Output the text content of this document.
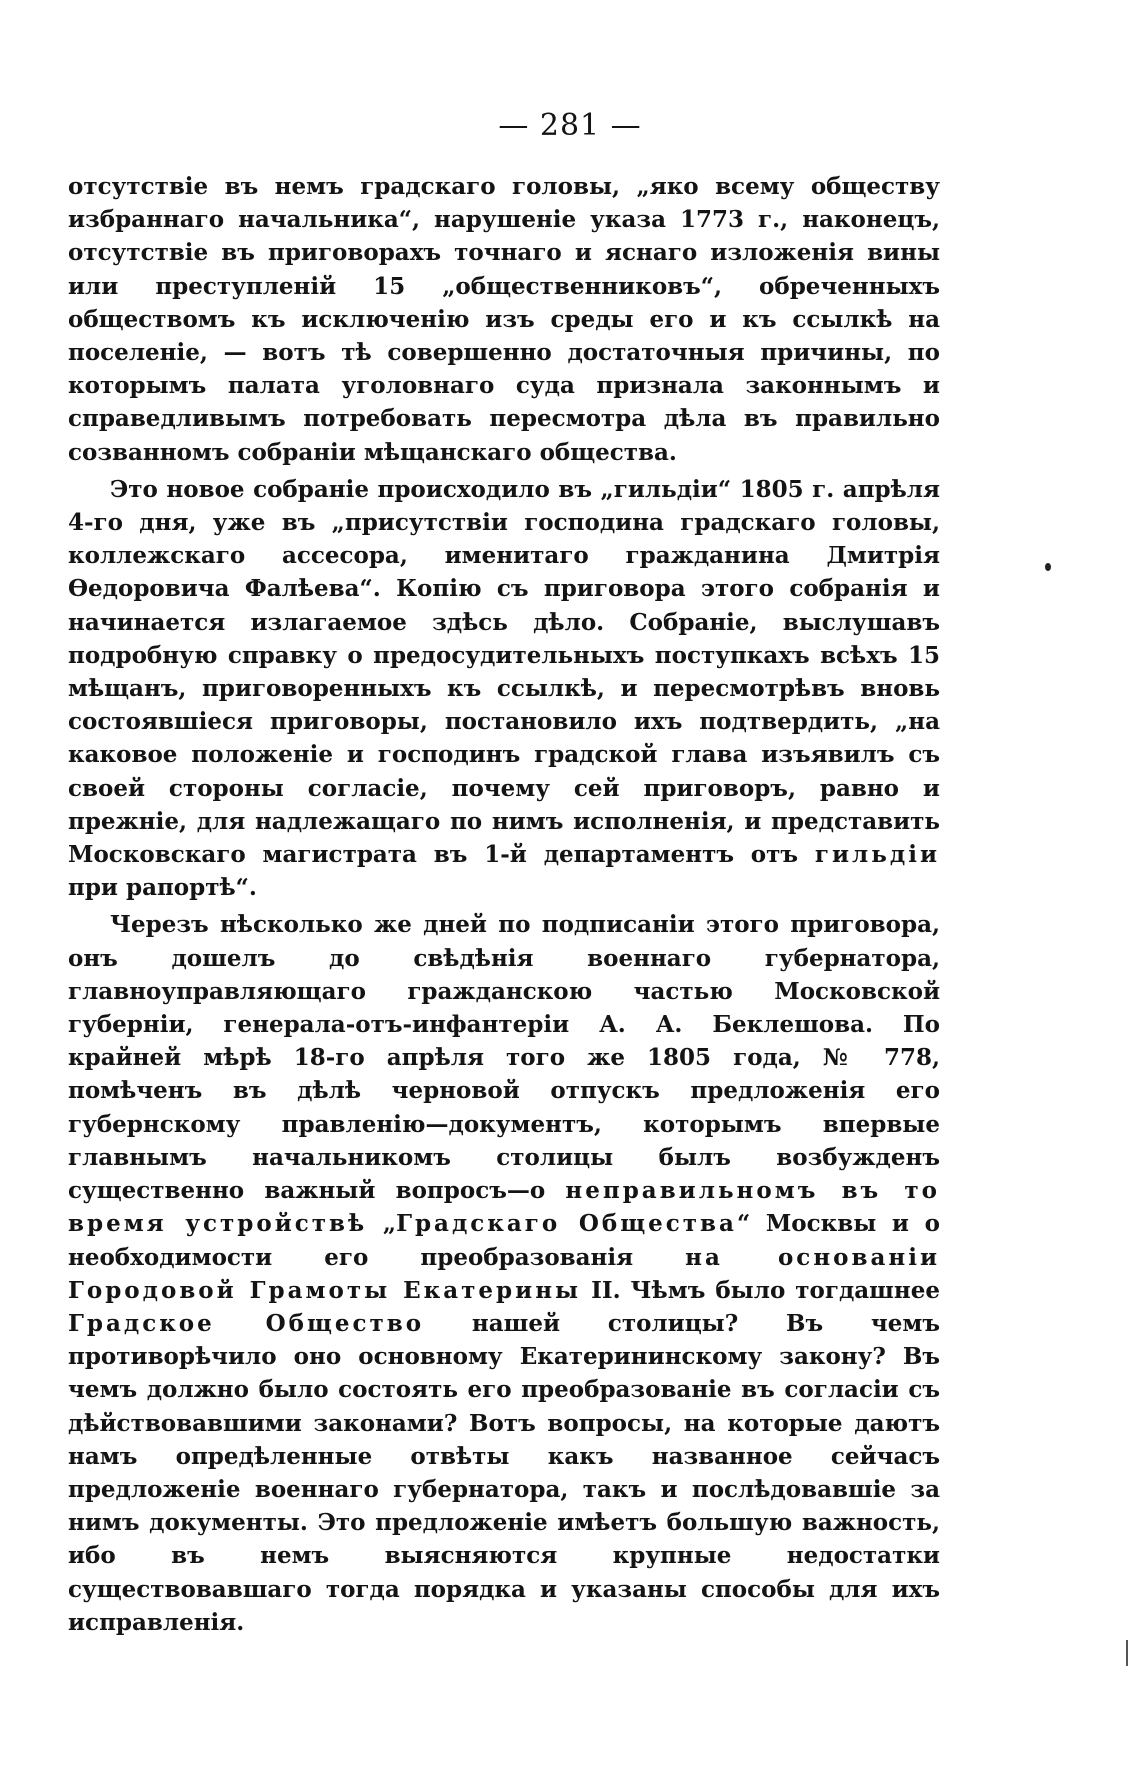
— 281 —

отсутствіе въ немъ градскаго головы, „яко всему обществу избраннаго начальника“, нарушеніе указа 1773 г., наконецъ, отсутствіе въ приговорахъ точнаго и яснаго изложенія вины или преступленій 15 „общественниковъ“, обреченныхъ обществомъ къ исключенію изъ среды его и къ ссылкѣ на поселеніе, — вотъ тѣ совершенно достаточныя причины, по которымъ палата уголовнаго суда признала законнымъ и справедливымъ потребовать пересмотра дѣла въ правильно созванномъ собраніи мѣщанскаго общества.

Это новое собраніе происходило въ „гильдіи“ 1805 г. апрѣля 4-го дня, уже въ „присутствіи господина градскаго головы, коллежскаго ассесора, именитаго гражданина Дмитрія Өедоровича Фалѣева“. Копію съ приговора этого собранія и начинается излагаемое здѣсь дѣло. Собраніе, выслушавъ подробную справку о предосудительныхъ поступкахъ всѣхъ 15 мѣщанъ, приговоренныхъ къ ссылкѣ, и пересмотрѣвъ вновь состоявшіеся приговоры, постановило ихъ подтвердить, „на каковое положеніе и господинъ градской глава изъявилъ съ своей стороны согласіе, почему сей приговоръ, равно и прежніе, для надлежащаго по нимъ исполненія, и представить Московскаго магистрата въ 1-й департаментъ отъ гильдіи при рапортѣ“.

Черезъ нѣсколько же дней по подписаніи этого приговора, онъ дошелъ до свѣдѣнія военнаго губернатора, главноуправляющаго гражданскою частью Московской губерніи, генерала-отъ-инфантеріи А. А. Беклешова. По крайней мѣрѣ 18-го апрѣля того же 1805 года, № 778, помѣченъ въ дѣлѣ черновой отпускъ предложенія его губернскому правленію—документъ, которымъ впервые главнымъ начальникомъ столицы былъ возбужденъ существенно важный вопросъ—о неправильномъ въ то время устройствѣ „Градскаго Общества“ Москвы и о необходимости его преобразованія на основаніи Городовой Грамоты Екатерины II. Чѣмъ было тогдашнее Градское Общество нашей столицы? Въ чемъ противорѣчило оно основному Екатерининскому закону? Въ чемъ должно было состоять его преобразованіе въ согласіи съ дѣйствовавшими законами? Вотъ вопросы, на которые даютъ намъ опредѣленные отвѣты какъ названное сейчасъ предложеніе военнаго губернатора, такъ и послѣдовавшіе за нимъ документы. Это предложеніе имѣетъ большую важность, ибо въ немъ выясняются крупные недостатки существовавшаго тогда порядка и указаны способы для ихъ исправленія.
